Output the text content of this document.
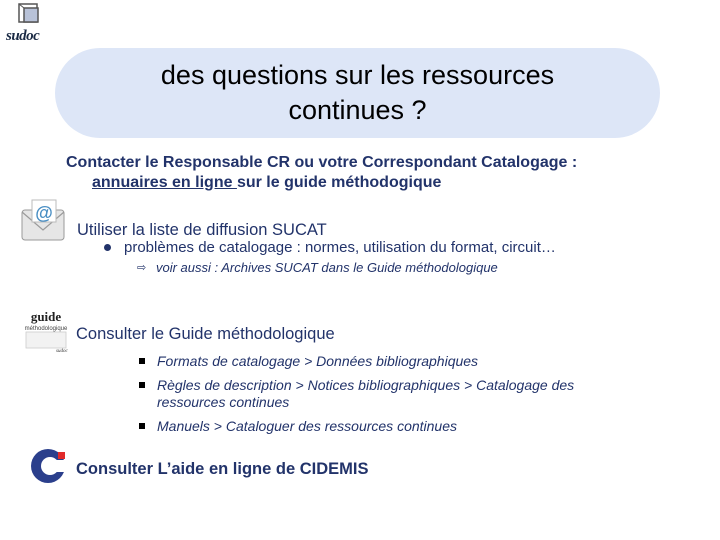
sudoc
des questions sur les ressources
continues ?
Contacter le Responsable CR ou votre Correspondant Catalogage :
annuaires en ligne sur le guide méthodogique
@
Utiliser la liste de diffusion SUCAT
problèmes de catalogage : normes, utilisation du format, circuit…
⇨ voir aussi : Archives SUCAT dans le Guide méthodologique
guide
méthodologique
sudoc
Consulter le Guide méthodologique
Formats de catalogage > Données bibliographiques
Règles de description > Notices bibliographiques > Catalogage des
ressources continues
Manuels > Cataloguer des ressources continues
Consulter L’aide en ligne de CIDEMIS
